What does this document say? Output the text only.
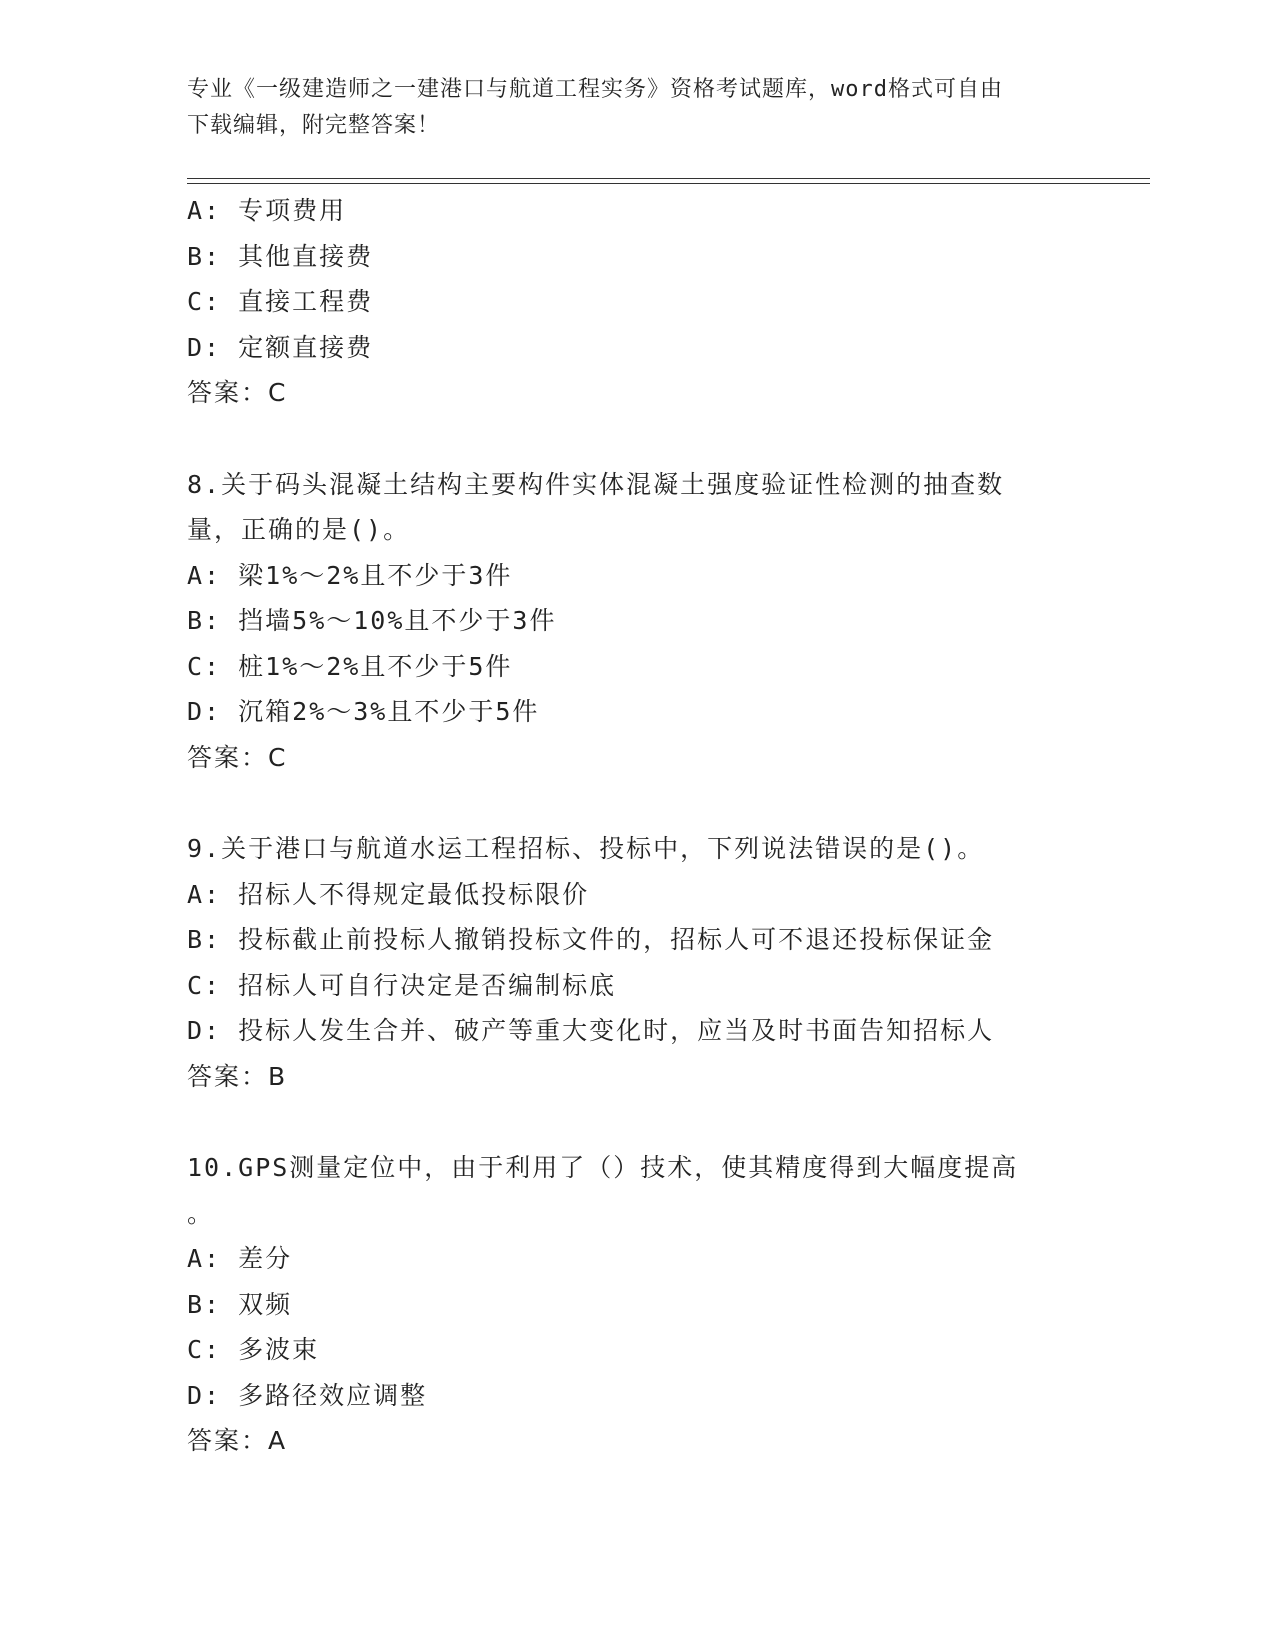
专业《一级建造师之一建港口与航道工程实务》资格考试题库，word格式可自由
下载编辑，附完整答案！
A: 专项费用
B: 其他直接费
C: 直接工程费
D: 定额直接费
答案：C
8.关于码头混凝土结构主要构件实体混凝土强度验证性检测的抽查数
量，正确的是()。
A: 梁1%～2%且不少于3件
B: 挡墙5%～10%且不少于3件
C: 桩1%～2%且不少于5件
D: 沉箱2%～3%且不少于5件
答案：C
9.关于港口与航道水运工程招标、投标中，下列说法错误的是()。
A: 招标人不得规定最低投标限价
B: 投标截止前投标人撤销投标文件的，招标人可不退还投标保证金
C: 招标人可自行决定是否编制标底
D: 投标人发生合并、破产等重大变化时，应当及时书面告知招标人
答案：B
10.GPS测量定位中，由于利用了（）技术，使其精度得到大幅度提高
。
A: 差分
B: 双频
C: 多波束
D: 多路径效应调整
答案：A
